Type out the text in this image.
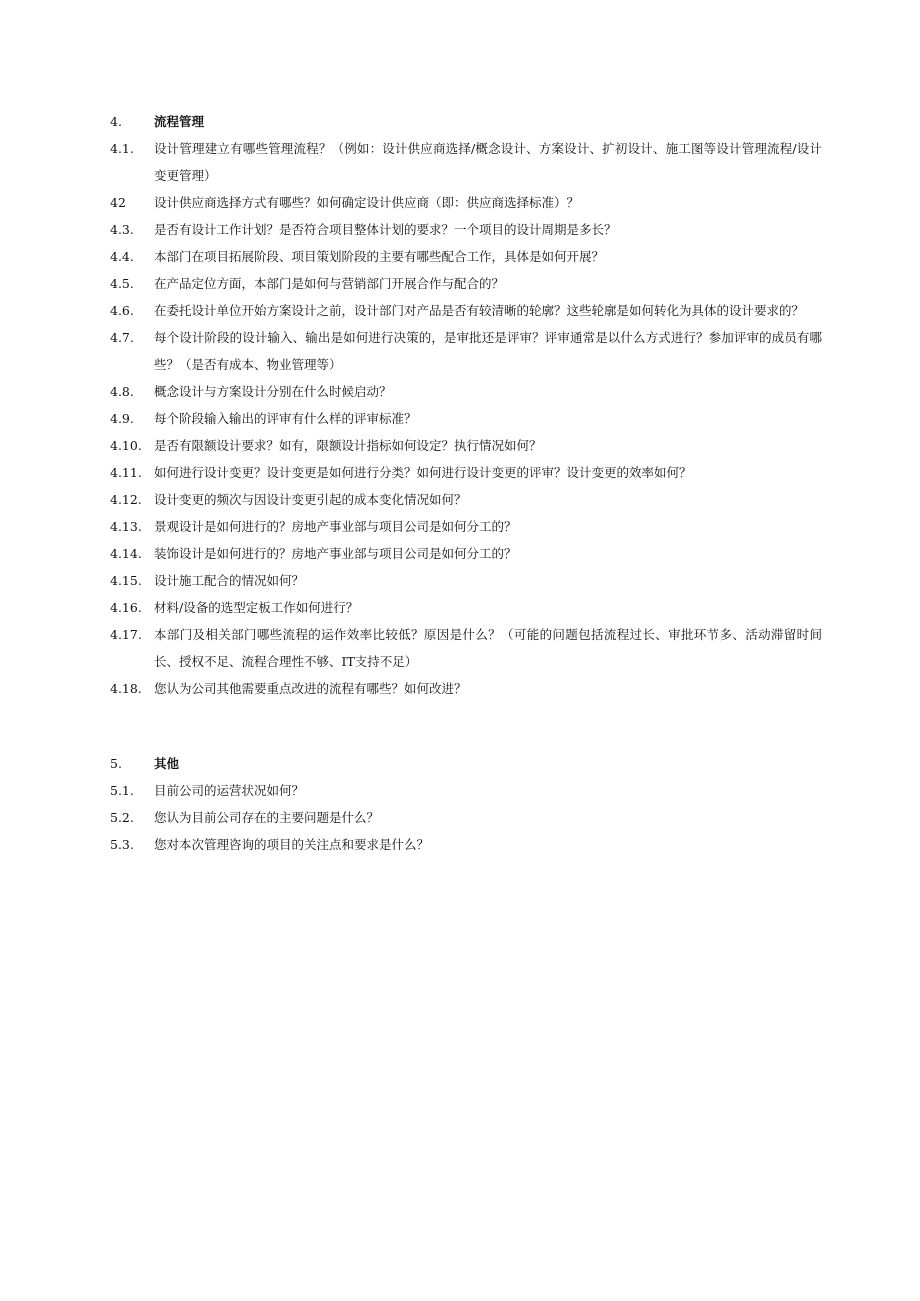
4.	流程管理
4.1.	设计管理建立有哪些管理流程？（例如：设计供应商选择/概念设计、方案设计、扩初设计、施工图等设计管理流程/设计变更管理）
42	设计供应商选择方式有哪些？如何确定设计供应商（即：供应商选择标准）？
4.3.	是否有设计工作计划？是否符合项目整体计划的要求？一个项目的设计周期是多长？
4.4.	本部门在项目拓展阶段、项目策划阶段的主要有哪些配合工作，具体是如何开展？
4.5.	在产品定位方面，本部门是如何与营销部门开展合作与配合的？
4.6.	在委托设计单位开始方案设计之前，设计部门对产品是否有较清晰的轮廓？这些轮廓是如何转化为具体的设计要求的？
4.7.	每个设计阶段的设计输入、输出是如何进行决策的，是审批还是评审？评审通常是以什么方式进行？参加评审的成员有哪些？（是否有成本、物业管理等）
4.8.	概念设计与方案设计分别在什么时候启动？
4.9.	每个阶段输入输出的评审有什么样的评审标准？
4.10. 是否有限额设计要求？如有，限额设计指标如何设定？执行情况如何？
4.11. 如何进行设计变更？设计变更是如何进行分类？如何进行设计变更的评审？设计变更的效率如何？
4.12. 设计变更的频次与因设计变更引起的成本变化情况如何？
4.13. 景观设计是如何进行的？房地产事业部与项目公司是如何分工的？
4.14. 装饰设计是如何进行的？房地产事业部与项目公司是如何分工的？
4.15. 设计施工配合的情况如何？
4.16. 材料/设备的选型定板工作如何进行？
4.17. 本部门及相关部门哪些流程的运作效率比较低？原因是什么？（可能的问题包括流程过长、审批环节多、活动滞留时间长、授权不足、流程合理性不够、IT支持不足）
4.18. 您认为公司其他需要重点改进的流程有哪些？如何改进？
5.	其他
5.1.	目前公司的运营状况如何？
5.2.	您认为目前公司存在的主要问题是什么？
5.3.	您对本次管理咨询的项目的关注点和要求是什么？
